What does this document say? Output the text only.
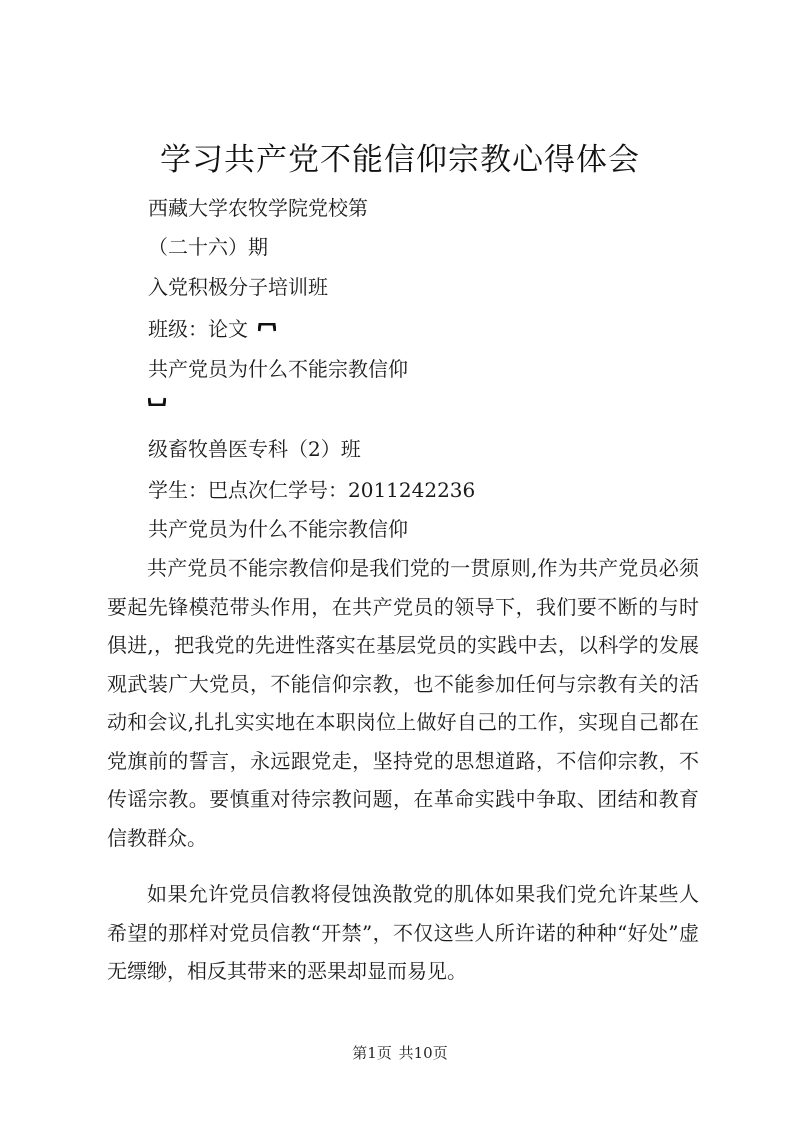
学习共产党不能信仰宗教心得体会
西藏大学农牧学院党校第
（二十六）期
入党积极分子培训班
班级：论文
共产党员为什么不能宗教信仰
级畜牧兽医专科（2）班
学生：巴点次仁学号：2011242236
共产党员为什么不能宗教信仰

共产党员不能宗教信仰是我们党的一贯原则,作为共产党员必须要起先锋模范带头作用，在共产党员的领导下，我们要不断的与时俱进,，把我党的先进性落实在基层党员的实践中去，以科学的发展观武装广大党员，不能信仰宗教，也不能参加任何与宗教有关的活动和会议,扎扎实实地在本职岗位上做好自己的工作，实现自己都在党旗前的誓言，永远跟党走，坚持党的思想道路，不信仰宗教，不传谣宗教。要慎重对待宗教问题，在革命实践中争取、团结和教育信教群众。

如果允许党员信教将侵蚀涣散党的肌体如果我们党允许某些人希望的那样对党员信教“开禁”，不仅这些人所许诺的种种“好处”虚无缥缈，相反其带来的恶果却显而易见。

第1页 共10页
